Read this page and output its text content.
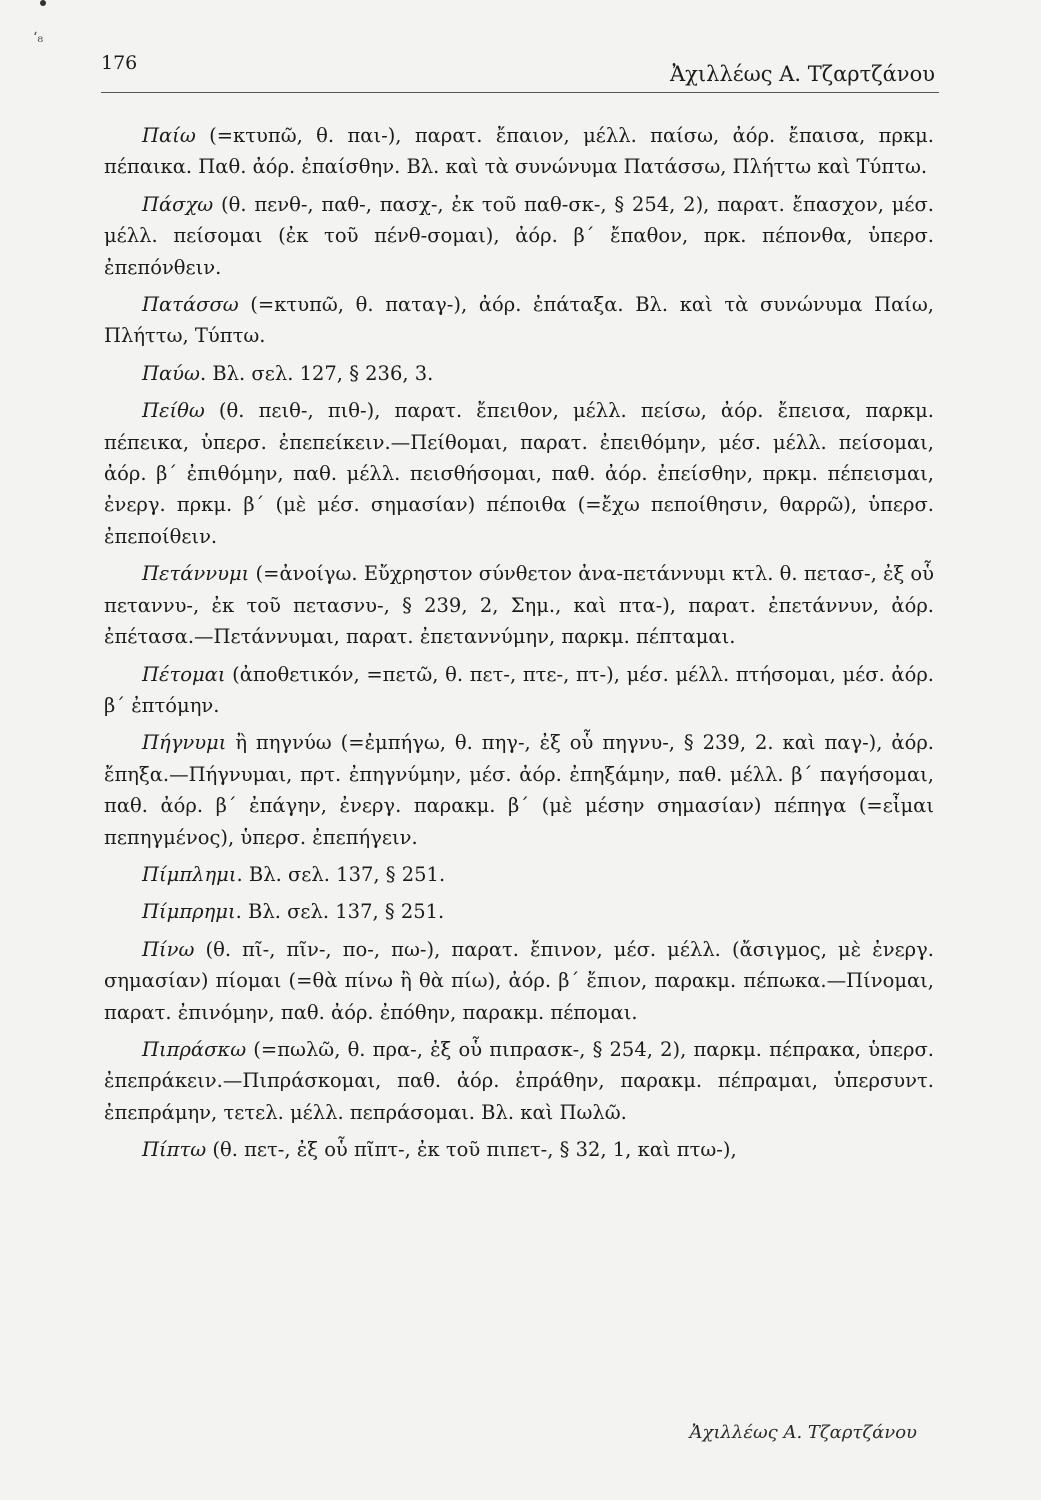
ʻ₈
176	Ἀχιλλέως Α. Τζαρτζάνου

Παίω (=κτυπῶ, θ. παι-), παρατ. ἔπαιον, μέλλ. παίσω, ἀόρ. ἔπαισα, πρκμ. πέπαικα. Παθ. ἀόρ. ἐπαίσθην. Βλ. καὶ τὰ συνώνυμα Πατάσσω, Πλήττω καὶ Τύπτω.

Πάσχω (θ. πενθ-, παθ-, πασχ-, ἐκ τοῦ παθ-σκ-, § 254, 2), παρατ. ἔπασχον, μέσ. μέλλ. πείσομαι (ἐκ τοῦ πένθ-σομαι), ἀόρ. β΄ ἔπαθον, πρκ. πέπονθα, ὑπερσ. ἐπεπόνθειν.

Πατάσσω (=κτυπῶ, θ. παταγ-), ἀόρ. ἐπάταξα. Βλ. καὶ τὰ συνώνυμα Παίω, Πλήττω, Τύπτω.

Παύω. Βλ. σελ. 127, § 236, 3.

Πείθω (θ. πειθ-, πιθ-), παρατ. ἔπειθον, μέλλ. πείσω, ἀόρ. ἔπεισα, παρκμ. πέπεικα, ὑπερσ. ἐπεπείκειν.—Πείθομαι, παρατ. ἐπειθόμην, μέσ. μέλλ. πείσομαι, ἀόρ. β΄ ἐπιθόμην, παθ. μέλλ. πεισθήσομαι, παθ. ἀόρ. ἐπείσθην, πρκμ. πέπεισμαι, ἐνεργ. πρκμ. β΄ (μὲ μέσ. σημασίαν) πέποιθα (=ἔχω πεποίθησιν, θαρρῶ), ὑπερσ. ἐπεποίθειν.

Πετάννυμι (=ἀνοίγω. Εὔχρηστον σύνθετον ἀνα-πετάννυμι κτλ. θ. πετασ-, ἐξ οὗ πεταννυ-, ἐκ τοῦ πετασνυ-, § 239, 2, Σημ., καὶ πτα-), παρατ. ἐπετάννυν, ἀόρ. ἐπέτασα.—Πετάννυμαι, παρατ. ἐπεταννύμην, παρκμ. πέπταμαι.

Πέτομαι (ἀποθετικόν, =πετῶ, θ. πετ-, πτε-, πτ-), μέσ. μέλλ. πτήσομαι, μέσ. ἀόρ. β΄ ἐπτόμην.

Πήγνυμι ἢ πηγνύω (=ἐμπήγω, θ. πηγ-, ἐξ οὗ πηγνυ-, § 239, 2. καὶ παγ-), ἀόρ. ἔπηξα.—Πήγνυμαι, πρτ. ἐπηγνύμην, μέσ. ἀόρ. ἐπηξάμην, παθ. μέλλ. β΄ παγήσομαι, παθ. ἀόρ. β΄ ἐπάγην, ἐνεργ. παρακμ. β΄ (μὲ μέσην σημασίαν) πέπηγα (=εἶμαι πεπηγμένος), ὑπερσ. ἐπεπήγειν.

Πίμπλημι. Βλ. σελ. 137, § 251.

Πίμπρημι. Βλ. σελ. 137, § 251.

Πίνω (θ. πῖ-, πῖν-, πο-, πω-), παρατ. ἔπινον, μέσ. μέλλ. (ἄσιγμος, μὲ ἐνεργ. σημασίαν) πίομαι (=θὰ πίνω ἢ θὰ πίω), ἀόρ. β΄ ἔπιον, παρακμ. πέπωκα.—Πίνομαι, παρατ. ἐπινόμην, παθ. ἀόρ. ἐπόθην, παρακμ. πέπομαι.

Πιπράσκω (=πωλῶ, θ. πρα-, ἐξ οὗ πιπρασκ-, § 254, 2), παρκμ. πέπρακα, ὑπερσ. ἐπεπράκειν.—Πιπράσκομαι, παθ. ἀόρ. ἐπράθην, παρακμ. πέπραμαι, ὑπερσυντ. ἐπεπράμην, τετελ. μέλλ. πεπράσομαι. Βλ. καὶ Πωλῶ.

Πίπτω (θ. πετ-, ἐξ οὗ πῖπτ-, ἐκ τοῦ πιπετ-, § 32, 1, καὶ πτω-),

Ἀχιλλέως Α. Τζαρτζάνου
